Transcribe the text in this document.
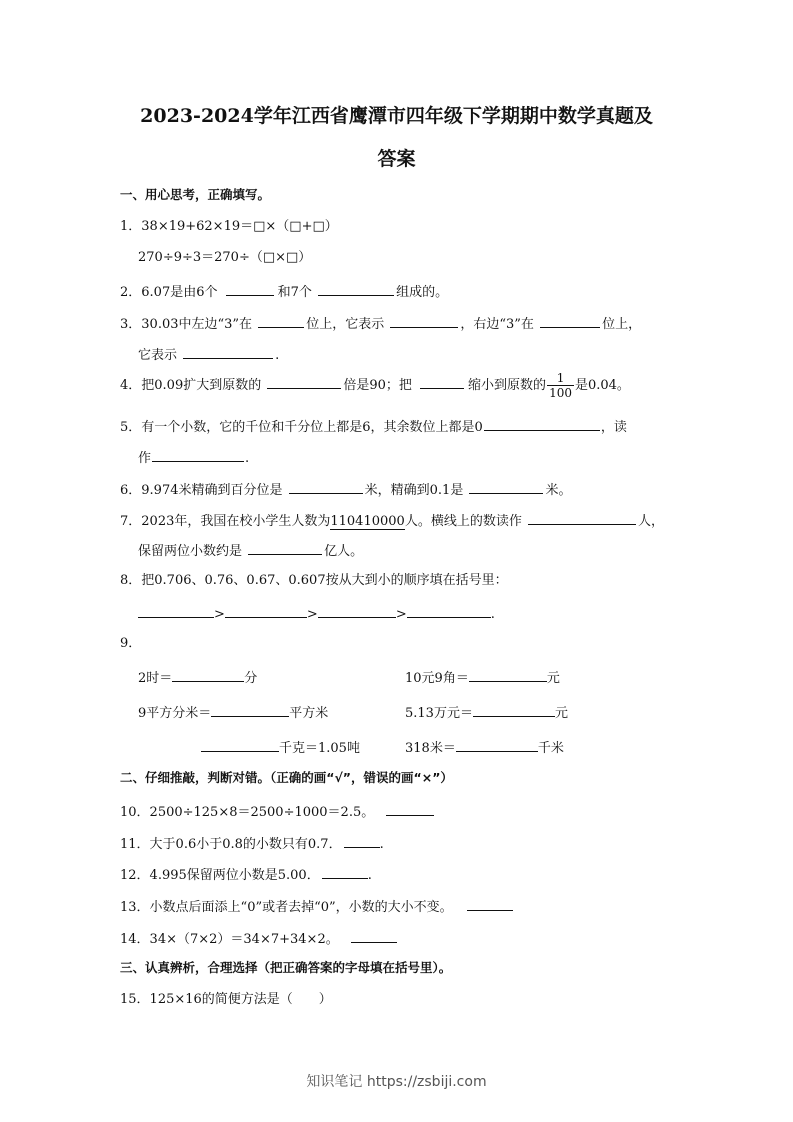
2023-2024学年江西省鹰潭市四年级下学期期中数学真题及
答案
一、用心思考，正确填写。
1．38×19+62×19＝□×（□+□）
270÷9÷3＝270÷（□×□）
2．6.07是由6个	和7个	组成的。
3．30.03中左边“3”在	位上，它表示	，右边“3”在	位上，
它表示	.
4．把0.09扩大到原数的	倍是90；把	缩小到原数的 $\frac{1}{100}$ 是0.04。
5．有一个小数，它的千位和千分位上都是6，其余数位上都是0	，读
作	.
6．9.974米精确到百分位是	米，精确到0.1是	米。
7．2023年，我国在校小学生人数为110410000人。横线上的数读作	人，
保留两位小数约是	亿人。
8．把0.706、0.76、0.67、0.607按从大到小的顺序填在括号里：
>	>	>	.
9．
2时＝	分	10元9角＝	元
9平方分米＝	平方米	5.13万元＝	元
千克＝1.05吨	318米＝	千米
二、仔细推敲，判断对错。（正确的画“√”，错误的画“×”）
10．2500÷125×8＝2500÷1000＝2.5。
11．大于0.6小于0.8的小数只有0.7．	.
12．4.995保留两位小数是5.00．	.
13．小数点后面添上“0”或者去掉“0”，小数的大小不变。
14．34×（7×2）＝34×7+34×2。
三、认真辨析，合理选择（把正确答案的字母填在括号里）。
15．125×16的简便方法是（　　）
知识笔记 https://zsbiji.com
